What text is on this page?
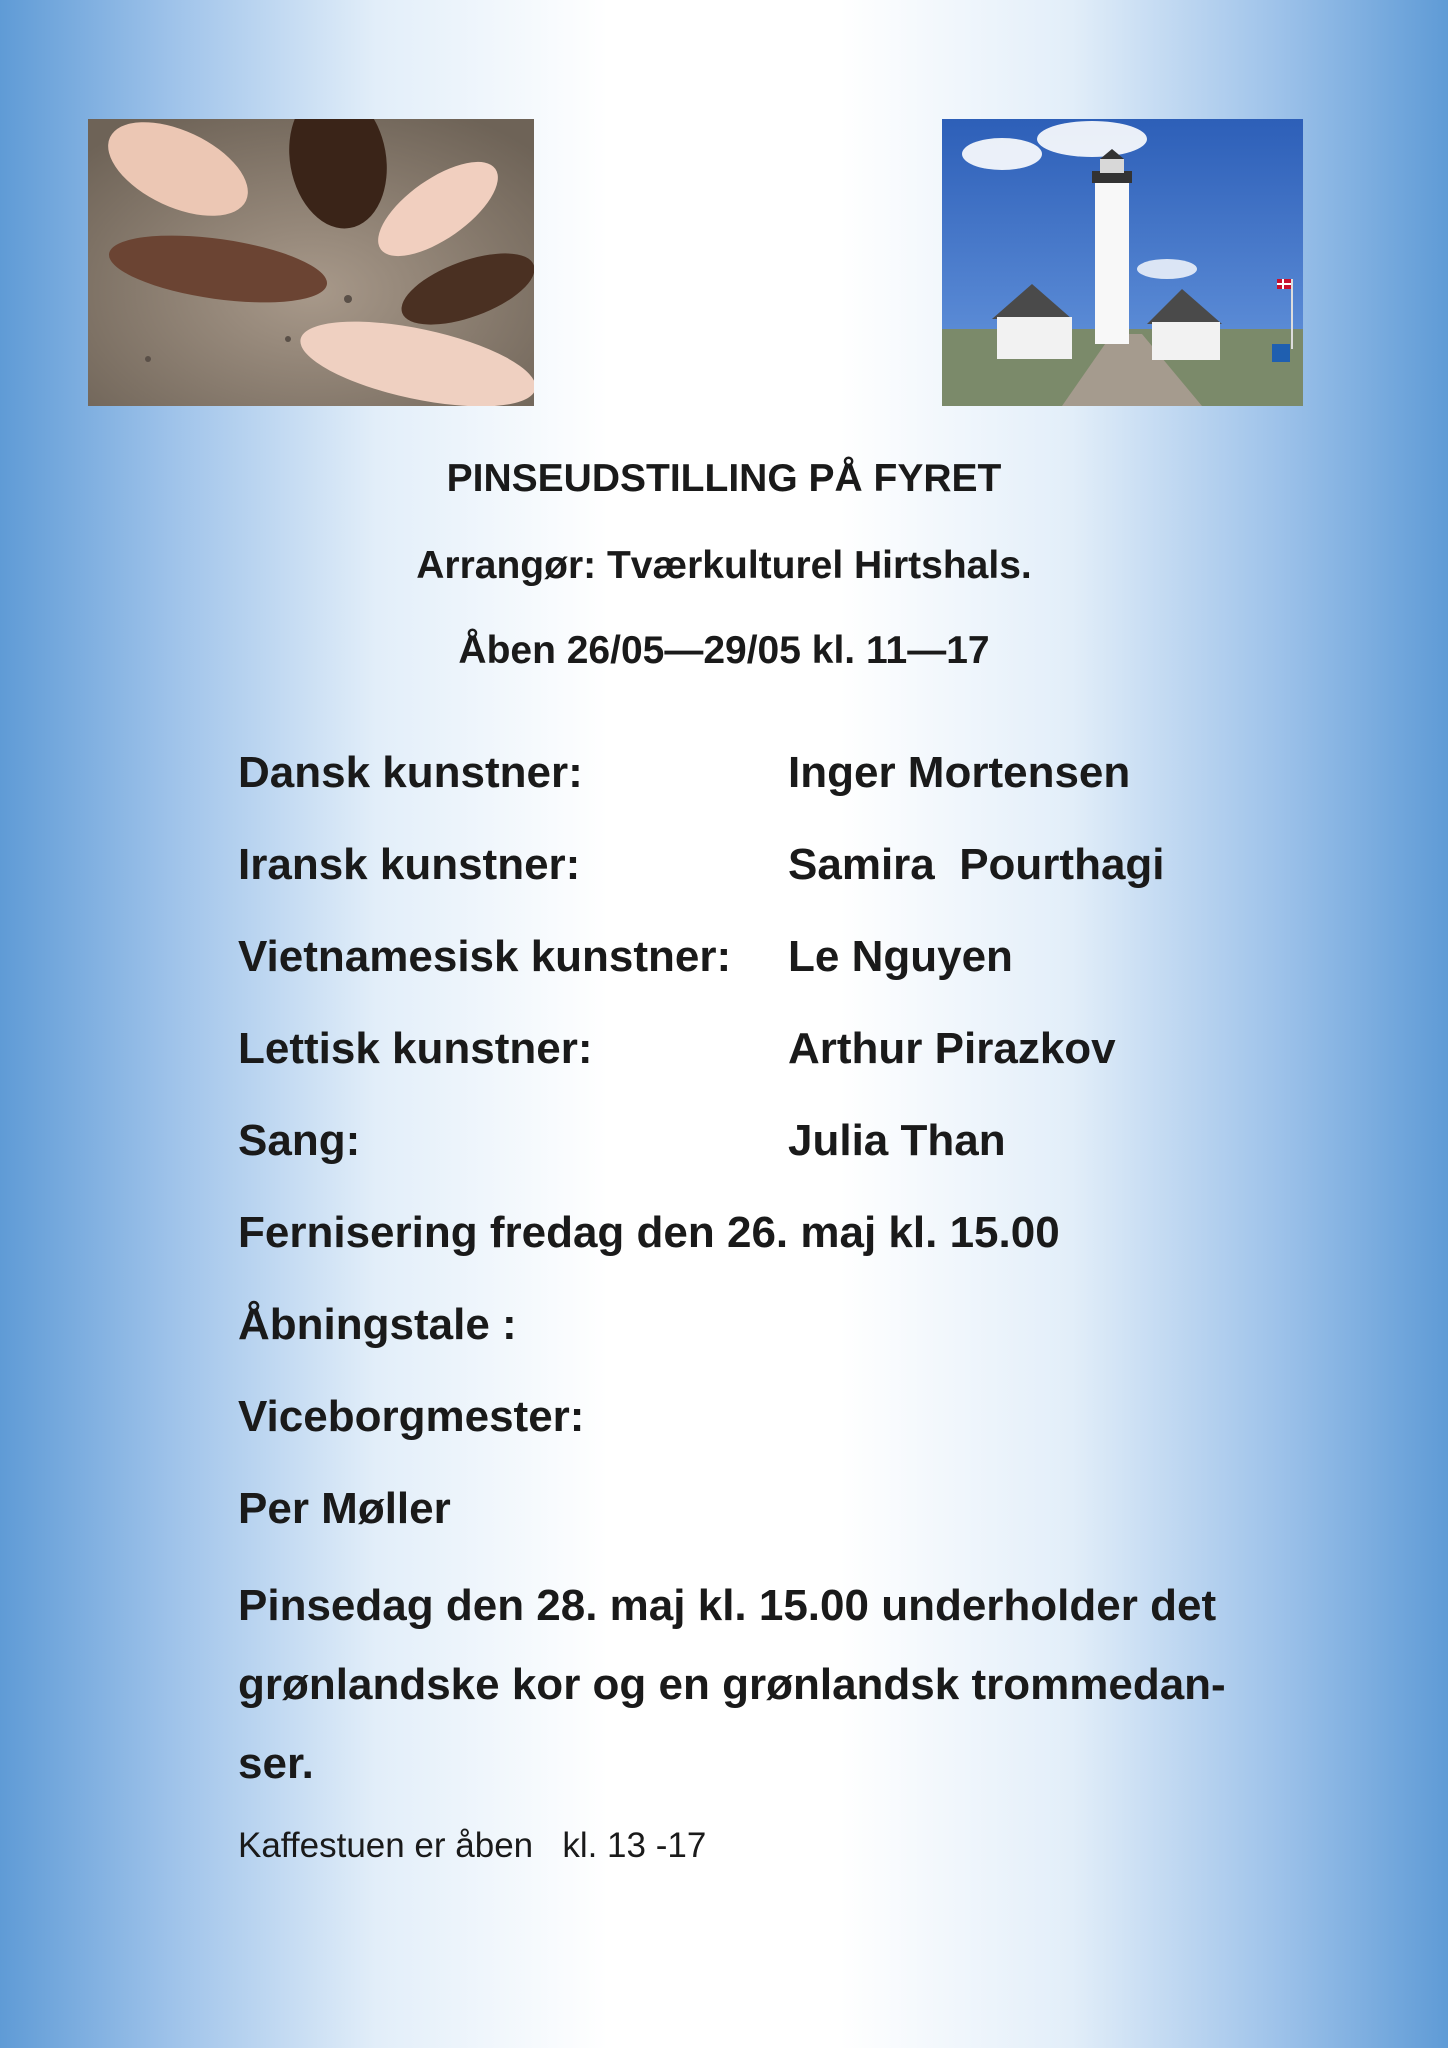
PINSEUDSTILLING PÅ FYRET
Arrangør: Tværkulturel Hirtshals.
Åben 26/05—29/05 kl. 11—17
Dansk kunstner:	Inger Mortensen
Iransk kunstner:	Samira  Pourthagi
Vietnamesisk kunstner: Le Nguyen
Lettisk kunstner:	Arthur Pirazkov
Sang:	Julia Than
Fernisering fredag den 26. maj kl. 15.00
Åbningstale :
Viceborgmester:
Per Møller
Pinsedag den 28. maj kl. 15.00 underholder det grønlandske kor og en grønlandsk trommedan-ser.
Kaffestuen er åben   kl. 13 -17
